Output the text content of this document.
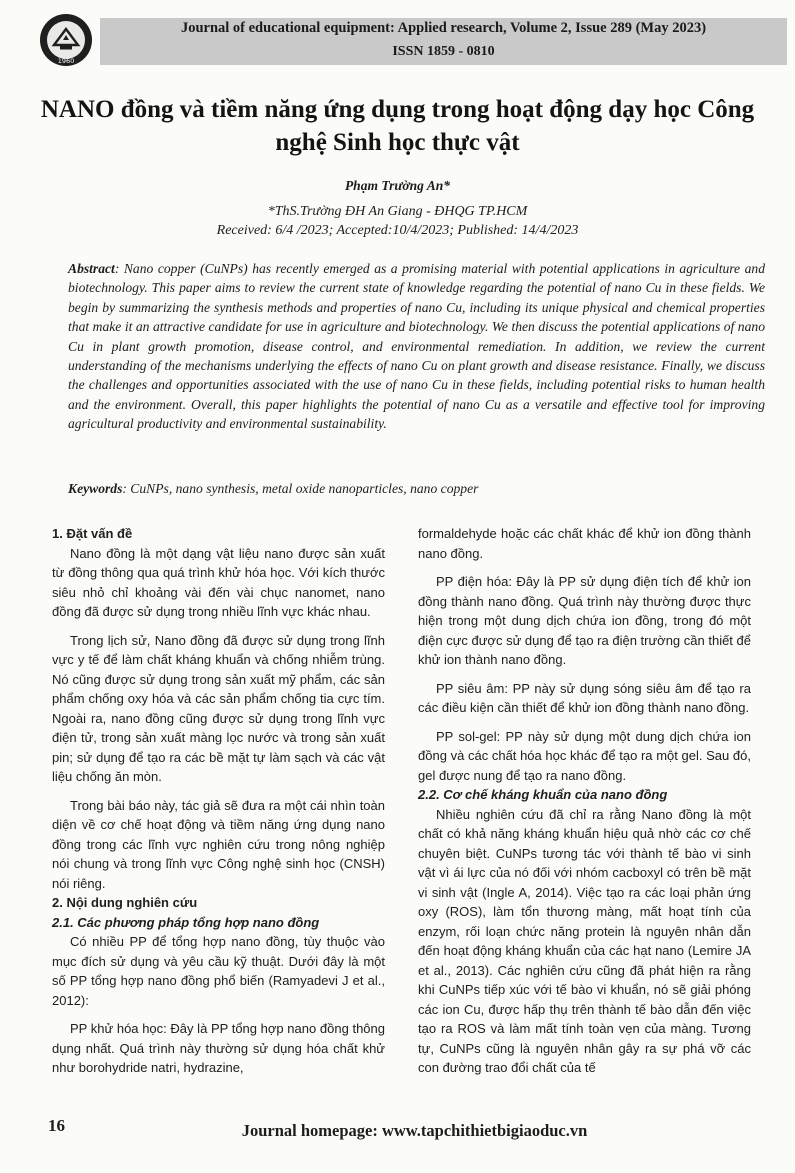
1960
Journal of educational equipment: Applied research, Volume 2, Issue 289 (May 2023)
ISSN 1859 - 0810
NANO đồng và tiềm năng ứng dụng trong hoạt động dạy học Công nghệ Sinh học thực vật
Phạm Trường An*
*ThS.Trường ĐH An Giang - ĐHQG TP.HCM
Received: 6/4 /2023; Accepted:10/4/2023; Published: 14/4/2023
Abstract: Nano copper (CuNPs) has recently emerged as a promising material with potential applications in agriculture and biotechnology. This paper aims to review the current state of knowledge regarding the potential of nano Cu in these fields. We begin by summarizing the synthesis methods and properties of nano Cu, including its unique physical and chemical properties that make it an attractive candidate for use in agriculture and biotechnology. We then discuss the potential applications of nano Cu in plant growth promotion, disease control, and environmental remediation. In addition, we review the current understanding of the mechanisms underlying the effects of nano Cu on plant growth and disease resistance. Finally, we discuss the challenges and opportunities associated with the use of nano Cu in these fields, including potential risks to human health and the environment. Overall, this paper highlights the potential of nano Cu as a versatile and effective tool for improving agricultural productivity and environmental sustainability.
Keywords: CuNPs, nano synthesis, metal oxide nanoparticles, nano copper
1. Đặt vấn đề

Nano đồng là một dạng vật liệu nano được sản xuất từ đồng thông qua quá trình khử hóa học. Với kích thước siêu nhỏ chỉ khoảng vài đến vài chục nanomet, nano đồng đã được sử dụng trong nhiều lĩnh vực khác nhau.

Trong lịch sử, Nano đồng đã được sử dụng trong lĩnh vực y tế để làm chất kháng khuẩn và chống nhiễm trùng. Nó cũng được sử dụng trong sản xuất mỹ phẩm, các sản phẩm chống oxy hóa và các sản phẩm chống tia cực tím. Ngoài ra, nano đồng cũng được sử dụng trong lĩnh vực điện tử, trong sản xuất màng lọc nước và trong sản xuất pin; sử dụng để tạo ra các bề mặt tự làm sạch và các vật liệu chống ăn mòn.

Trong bài báo này, tác giả sẽ đưa ra một cái nhìn toàn diện về cơ chế hoạt động và tiềm năng ứng dụng nano đồng trong các lĩnh vực nghiên cứu trong nông nghiệp nói chung và trong lĩnh vực Công nghệ sinh học (CNSH) nói riêng.

2. Nội dung nghiên cứu
2.1. Các phương pháp tổng hợp nano đồng

Có nhiều PP để tổng hợp nano đồng, tùy thuộc vào mục đích sử dụng và yêu cầu kỹ thuật. Dưới đây là một số PP tổng hợp nano đồng phổ biến (Ramyadevi J et al., 2012):

PP khử hóa học: Đây là PP tổng hợp nano đồng thông dụng nhất. Quá trình này thường sử dụng hóa chất khử như borohydride natri, hydrazine,

formaldehyde hoặc các chất khác để khử ion đồng thành nano đồng.

PP điện hóa: Đây là PP sử dụng điện tích để khử ion đồng thành nano đồng. Quá trình này thường được thực hiện trong một dung dịch chứa ion đồng, trong đó một điện cực được sử dụng để tạo ra điện trường cần thiết để khử ion thành nano đồng.

PP siêu âm: PP này sử dụng sóng siêu âm để tạo ra các điều kiện cần thiết để khử ion đồng thành nano đồng.

PP sol-gel: PP này sử dụng một dung dịch chứa ion đồng và các chất hóa học khác để tạo ra một gel. Sau đó, gel được nung để tạo ra nano đồng.

2.2. Cơ chế kháng khuẩn của nano đồng

Nhiều nghiên cứu đã chỉ ra rằng Nano đồng là một chất có khả năng kháng khuẩn hiệu quả nhờ các cơ chế chuyên biệt. CuNPs tương tác với thành tế bào vi sinh vật vì ái lực của nó đối với nhóm cacboxyl có trên bề mặt vi sinh vật (Ingle A, 2014). Việc tạo ra các loại phản ứng oxy (ROS), làm tổn thương màng, mất hoạt tính của enzym, rối loạn chức năng protein là nguyên nhân dẫn đến hoạt động kháng khuẩn của các hạt nano (Lemire JA et al., 2013). Các nghiên cứu cũng đã phát hiện ra rằng khi CuNPs tiếp xúc với tế bào vi khuẩn, nó sẽ giải phóng các ion Cu, được hấp thụ trên thành tế bào dẫn đến việc tạo ra ROS và làm mất tính toàn vẹn của màng. Tương tự, CuNPs cũng là nguyên nhân gây ra sự phá vỡ các con đường trao đổi chất của tế

16	Journal homepage: www.tapchithietbigiaoduc.vn
